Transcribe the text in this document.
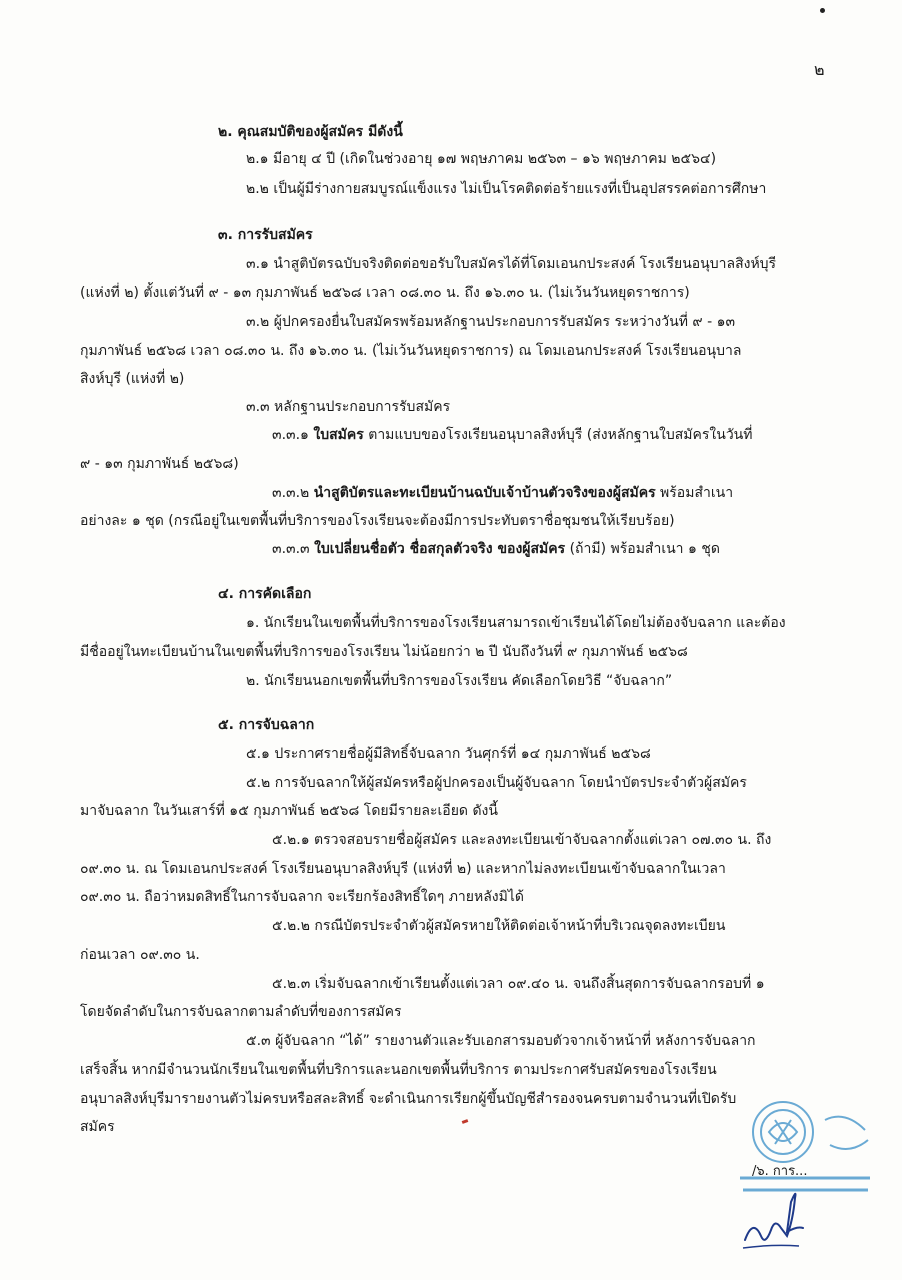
๒
๒. คุณสมบัติของผู้สมัคร มีดังนี้
๒.๑ มีอายุ ๔ ปี (เกิดในช่วงอายุ ๑๗ พฤษภาคม ๒๕๖๓ – ๑๖ พฤษภาคม ๒๕๖๔)
๒.๒ เป็นผู้มีร่างกายสมบูรณ์แข็งแรง ไม่เป็นโรคติดต่อร้ายแรงที่เป็นอุปสรรคต่อการศึกษา
๓. การรับสมัคร
๓.๑ นำสูติบัตรฉบับจริงติดต่อขอรับใบสมัครได้ที่โดมเอนกประสงค์ โรงเรียนอนุบาลสิงห์บุรี
(แห่งที่ ๒) ตั้งแต่วันที่ ๙ - ๑๓ กุมภาพันธ์ ๒๕๖๘ เวลา ๐๘.๓๐ น. ถึง ๑๖.๓๐ น. (ไม่เว้นวันหยุดราชการ)
๓.๒ ผู้ปกครองยื่นใบสมัครพร้อมหลักฐานประกอบการรับสมัคร ระหว่างวันที่ ๙ - ๑๓
กุมภาพันธ์ ๒๕๖๘ เวลา ๐๘.๓๐ น. ถึง ๑๖.๓๐ น. (ไม่เว้นวันหยุดราชการ) ณ โดมเอนกประสงค์ โรงเรียนอนุบาล
สิงห์บุรี (แห่งที่ ๒)
๓.๓ หลักฐานประกอบการรับสมัคร
๓.๓.๑ ใบสมัคร ตามแบบของโรงเรียนอนุบาลสิงห์บุรี (ส่งหลักฐานใบสมัครในวันที่
๙ - ๑๓ กุมภาพันธ์ ๒๕๖๘)
๓.๓.๒ นำสูติบัตรและทะเบียนบ้านฉบับเจ้าบ้านตัวจริงของผู้สมัคร พร้อมสำเนา
อย่างละ ๑ ชุด (กรณีอยู่ในเขตพื้นที่บริการของโรงเรียนจะต้องมีการประทับตราชื่อชุมชนให้เรียบร้อย)
๓.๓.๓ ใบเปลี่ยนชื่อตัว ชื่อสกุลตัวจริง ของผู้สมัคร (ถ้ามี) พร้อมสำเนา ๑ ชุด
๔. การคัดเลือก
๑. นักเรียนในเขตพื้นที่บริการของโรงเรียนสามารถเข้าเรียนได้โดยไม่ต้องจับฉลาก และต้อง
มีชื่ออยู่ในทะเบียนบ้านในเขตพื้นที่บริการของโรงเรียน ไม่น้อยกว่า ๒ ปี นับถึงวันที่ ๙ กุมภาพันธ์ ๒๕๖๘
๒. นักเรียนนอกเขตพื้นที่บริการของโรงเรียน คัดเลือกโดยวิธี “จับฉลาก”
๕. การจับฉลาก
๕.๑ ประกาศรายชื่อผู้มีสิทธิ์จับฉลาก วันศุกร์ที่ ๑๔ กุมภาพันธ์ ๒๕๖๘
๕.๒ การจับฉลากให้ผู้สมัครหรือผู้ปกครองเป็นผู้จับฉลาก โดยนำบัตรประจำตัวผู้สมัคร
มาจับฉลาก ในวันเสาร์ที่ ๑๕ กุมภาพันธ์ ๒๕๖๘ โดยมีรายละเอียด ดังนี้
๕.๒.๑ ตรวจสอบรายชื่อผู้สมัคร และลงทะเบียนเข้าจับฉลากตั้งแต่เวลา ๐๗.๓๐ น. ถึง
๐๙.๓๐ น. ณ โดมเอนกประสงค์ โรงเรียนอนุบาลสิงห์บุรี (แห่งที่ ๒) และหากไม่ลงทะเบียนเข้าจับฉลากในเวลา
๐๙.๓๐ น. ถือว่าหมดสิทธิ์ในการจับฉลาก จะเรียกร้องสิทธิ์ใดๆ ภายหลังมิได้
๕.๒.๒ กรณีบัตรประจำตัวผู้สมัครหายให้ติดต่อเจ้าหน้าที่บริเวณจุดลงทะเบียน
ก่อนเวลา ๐๙.๓๐ น.
๕.๒.๓ เริ่มจับฉลากเข้าเรียนตั้งแต่เวลา ๐๙.๔๐ น. จนถึงสิ้นสุดการจับฉลากรอบที่ ๑
โดยจัดลำดับในการจับฉลากตามลำดับที่ของการสมัคร
๕.๓ ผู้จับฉลาก “ได้” รายงานตัวและรับเอกสารมอบตัวจากเจ้าหน้าที่ หลังการจับฉลาก
เสร็จสิ้น หากมีจำนวนนักเรียนในเขตพื้นที่บริการและนอกเขตพื้นที่บริการ ตามประกาศรับสมัครของโรงเรียน
อนุบาลสิงห์บุรีมารายงานตัวไม่ครบหรือสละสิทธิ์ จะดำเนินการเรียกผู้ขึ้นบัญชีสำรองจนครบตามจำนวนที่เปิดรับ
สมัคร
/๖. การ...
